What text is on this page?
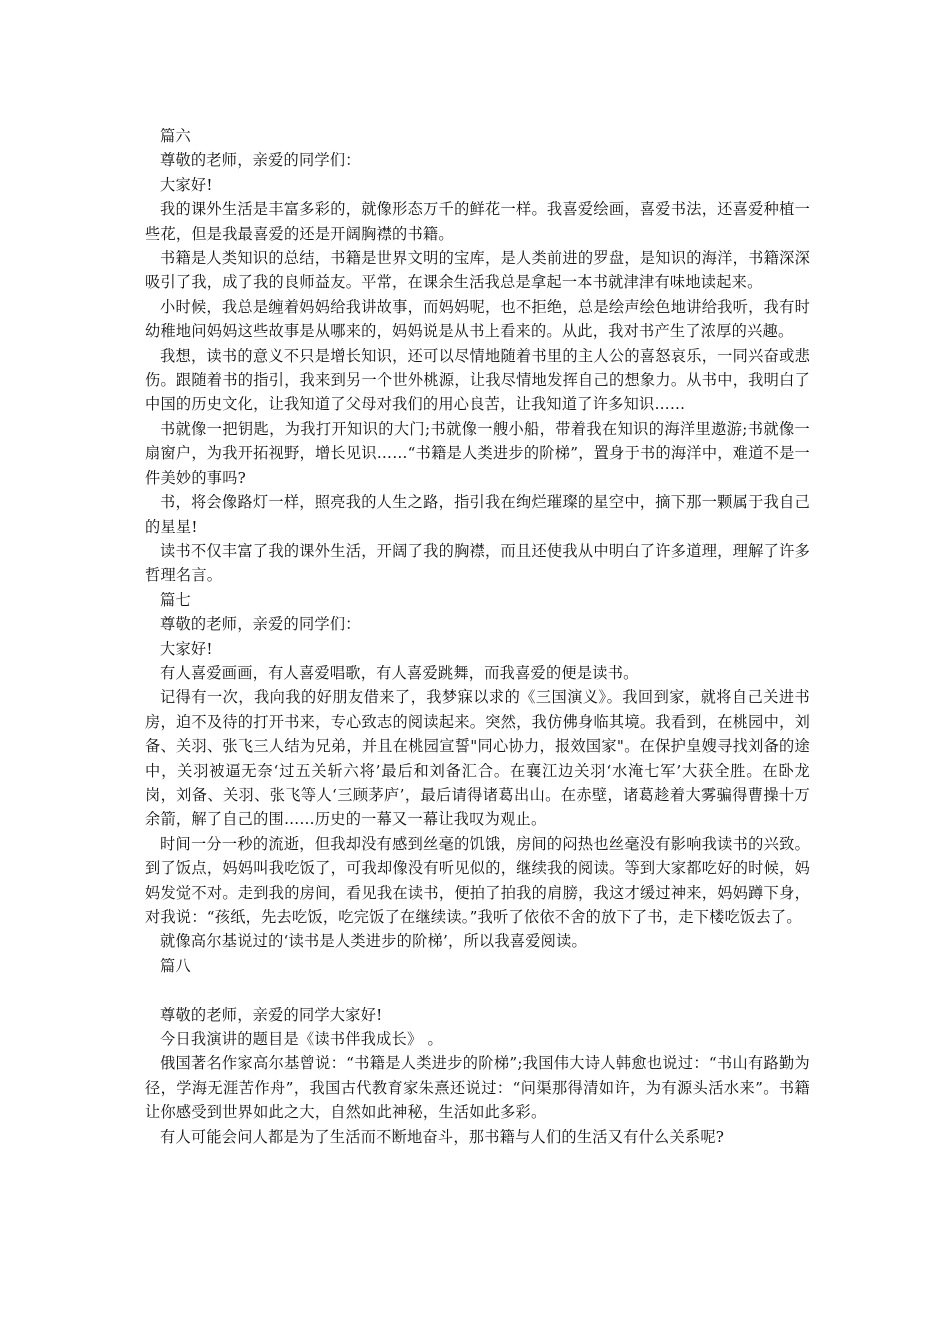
篇六

尊敬的老师，亲爱的同学们：

大家好!

我的课外生活是丰富多彩的，就像形态万千的鲜花一样。我喜爱绘画，喜爱书法，还喜爱种植一些花，但是我最喜爱的还是开阔胸襟的书籍。

书籍是人类知识的总结，书籍是世界文明的宝库，是人类前进的罗盘，是知识的海洋，书籍深深吸引了我，成了我的良师益友。平常，在课余生活我总是拿起一本书就津津有味地读起来。

小时候，我总是缠着妈妈给我讲故事，而妈妈呢，也不拒绝，总是绘声绘色地讲给我听，我有时幼稚地问妈妈这些故事是从哪来的，妈妈说是从书上看来的。从此，我对书产生了浓厚的兴趣。

我想，读书的意义不只是增长知识，还可以尽情地随着书里的主人公的喜怒哀乐，一同兴奋或悲伤。跟随着书的指引，我来到另一个世外桃源，让我尽情地发挥自己的想象力。从书中，我明白了中国的历史文化，让我知道了父母对我们的用心良苦，让我知道了许多知识……

书就像一把钥匙，为我打开知识的大门;书就像一艘小船，带着我在知识的海洋里遨游;书就像一扇窗户，为我开拓视野，增长见识……“书籍是人类进步的阶梯”，置身于书的海洋中，难道不是一件美妙的事吗?

书，将会像路灯一样，照亮我的人生之路，指引我在绚烂璀璨的星空中，摘下那一颗属于我自己的星星!

读书不仅丰富了我的课外生活，开阔了我的胸襟，而且还使我从中明白了许多道理，理解了许多哲理名言。

篇七

尊敬的老师，亲爱的同学们：

大家好!

有人喜爱画画，有人喜爱唱歌，有人喜爱跳舞，而我喜爱的便是读书。

记得有一次，我向我的好朋友借来了，我梦寐以求的《三国演义》。我回到家，就将自己关进书房，迫不及待的打开书来，专心致志的阅读起来。突然，我仿佛身临其境。我看到，在桃园中，刘备、关羽、张飞三人结为兄弟，并且在桃园宣誓"同心协力，报效国家"。在保护皇嫂寻找刘备的途中，关羽被逼无奈‘过五关斩六将’最后和刘备汇合。在襄江边关羽‘水淹七军’大获全胜。在卧龙岗，刘备、关羽、张飞等人‘三顾茅庐’，最后请得诸葛出山。在赤壁，诸葛趁着大雾骗得曹操十万余箭，解了自己的围……历史的一幕又一幕让我叹为观止。

时间一分一秒的流逝，但我却没有感到丝毫的饥饿，房间的闷热也丝毫没有影响我读书的兴致。到了饭点，妈妈叫我吃饭了，可我却像没有听见似的，继续我的阅读。等到大家都吃好的时候，妈妈发觉不对。走到我的房间，看见我在读书，便拍了拍我的肩膀，我这才缓过神来，妈妈蹲下身，对我说：“孩纸，先去吃饭，吃完饭了在继续读。”我听了依依不舍的放下了书，走下楼吃饭去了。

就像高尔基说过的‘读书是人类进步的阶梯’，所以我喜爱阅读。

篇八

尊敬的老师，亲爱的同学大家好!

今日我演讲的题目是《读书伴我成长》 。

俄国著名作家高尔基曾说：“书籍是人类进步的阶梯”;我国伟大诗人韩愈也说过：“书山有路勤为径，学海无涯苦作舟”，我国古代教育家朱熹还说过：“问渠那得清如许，为有源头活水来”。书籍让你感受到世界如此之大，自然如此神秘，生活如此多彩。

有人可能会问人都是为了生活而不断地奋斗，那书籍与人们的生活又有什么关系呢?
